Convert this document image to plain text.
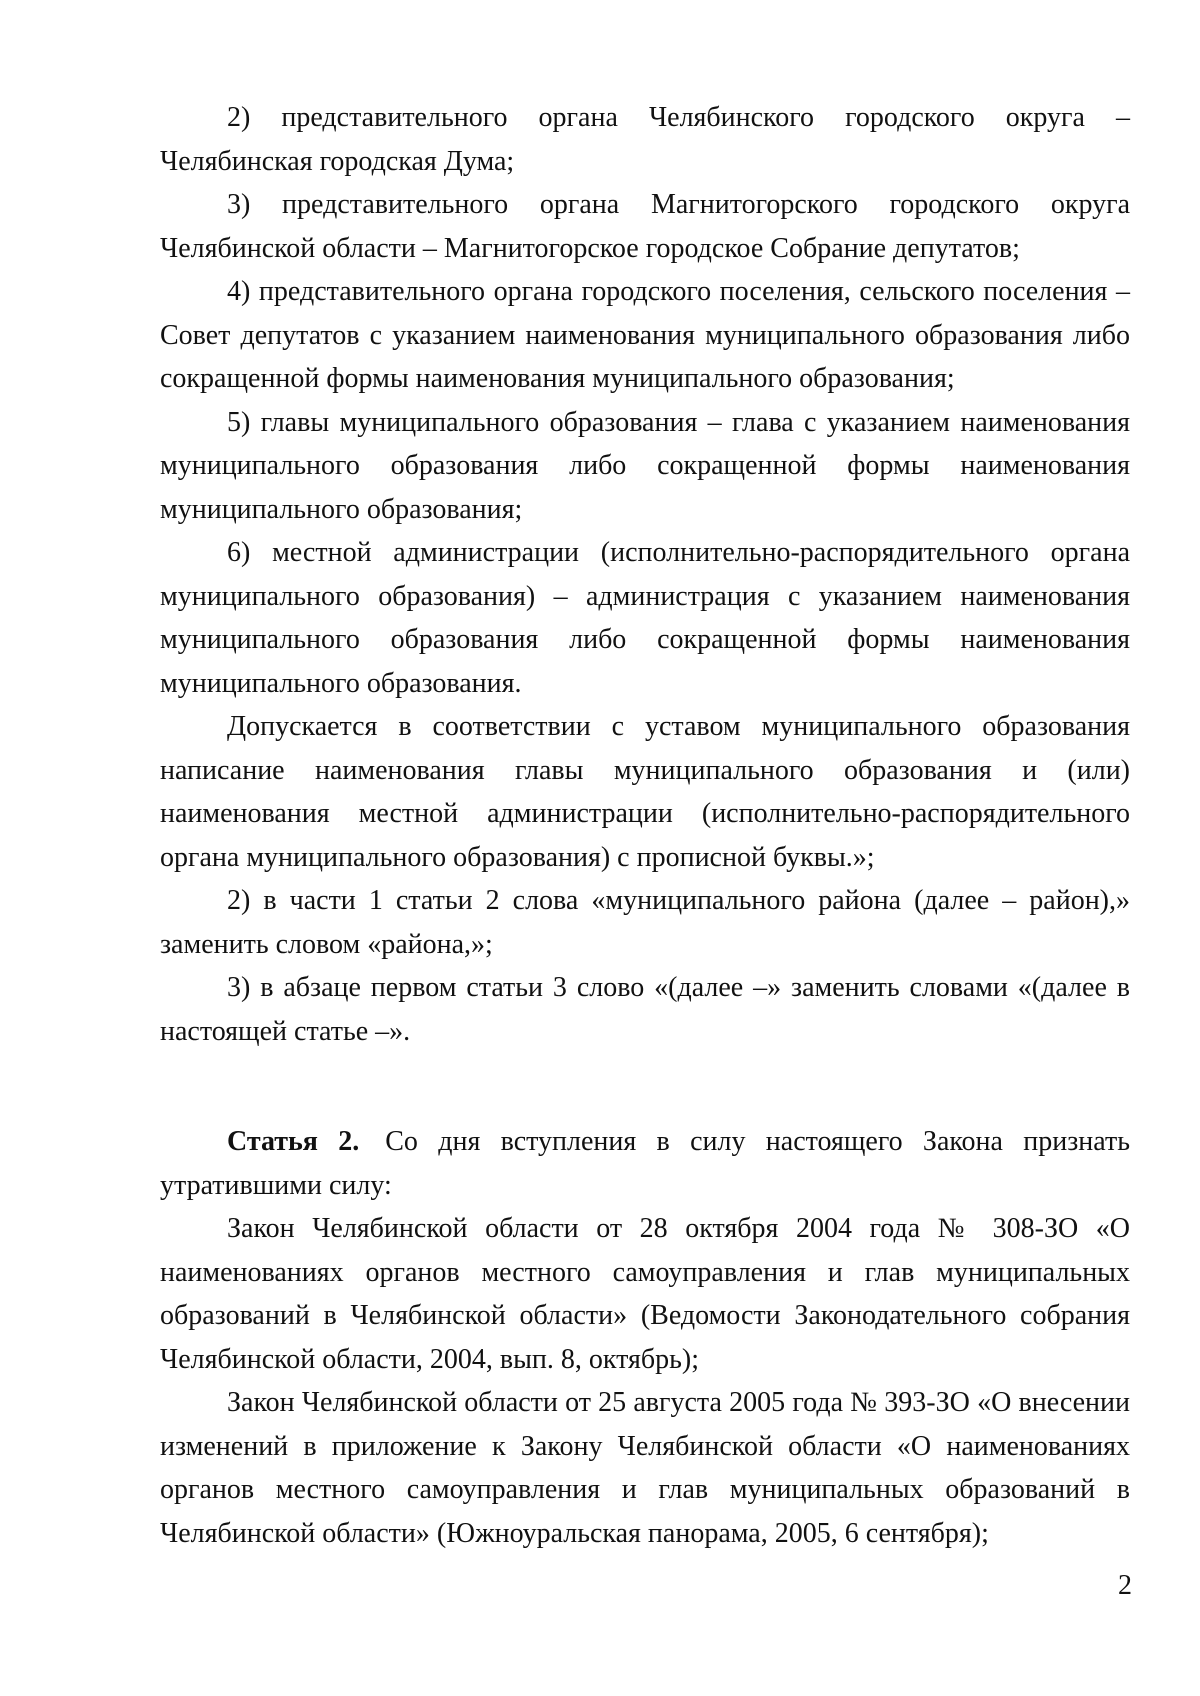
2) представительного органа Челябинского городского округа – Челябинская городская Дума;

3) представительного органа Магнитогорского городского округа Челябинской области – Магнитогорское городское Собрание депутатов;

4) представительного органа городского поселения, сельского поселения – Совет депутатов с указанием наименования муниципального образования либо сокращенной формы наименования муниципального образования;

5) главы муниципального образования – глава с указанием наименования муниципального образования либо сокращенной формы наименования муниципального образования;

6) местной администрации (исполнительно-распорядительного органа муниципального образования) – администрация с указанием наименования муниципального образования либо сокращенной формы наименования муниципального образования.

Допускается в соответствии с уставом муниципального образования написание наименования главы муниципального образования и (или) наименования местной администрации (исполнительно-распорядительного органа муниципального образования) с прописной буквы.»;

2) в части 1 статьи 2 слова «муниципального района (далее – район),» заменить словом «района,»;

3) в абзаце первом статьи 3 слово «(далее –» заменить словами «(далее в настоящей статье –».

Статья 2. Со дня вступления в силу настоящего Закона признать утратившими силу:

Закон Челябинской области от 28 октября 2004 года № 308-ЗО «О наименованиях органов местного самоуправления и глав муниципальных образований в Челябинской области» (Ведомости Законодательного собрания Челябинской области, 2004, вып. 8, октябрь);

Закон Челябинской области от 25 августа 2005 года № 393-ЗО «О внесении изменений в приложение к Закону Челябинской области «О наименованиях органов местного самоуправления и глав муниципальных образований в Челябинской области» (Южноуральская панорама, 2005, 6 сентября);

2
